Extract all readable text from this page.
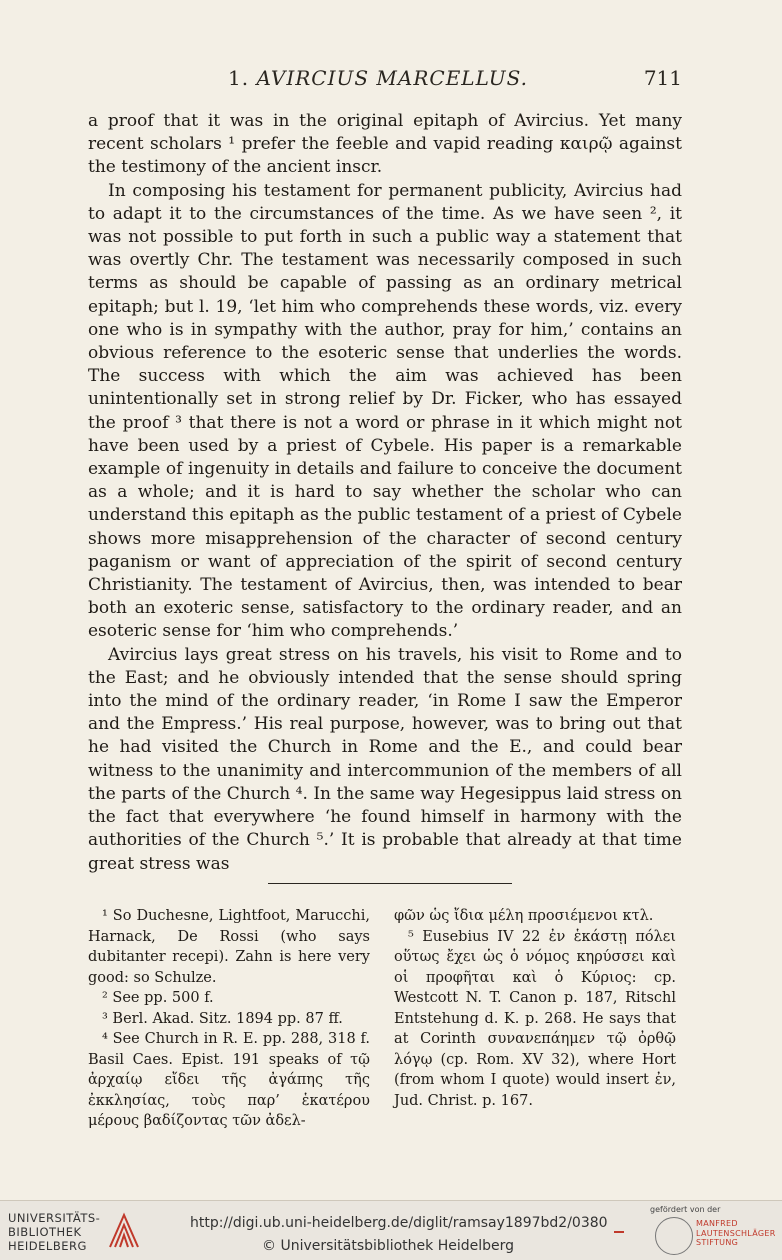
1. AVIRCIUS MARCELLUS.	711

a proof that it was in the original epitaph of Avircius. Yet many recent scholars ¹ prefer the feeble and vapid reading καιρῷ against the testimony of the ancient inscr.

In composing his testament for permanent publicity, Avircius had to adapt it to the circumstances of the time. As we have seen ², it was not possible to put forth in such a public way a statement that was overtly Chr. The testament was necessarily composed in such terms as should be capable of passing as an ordinary metrical epitaph; but l. 19, ‘let him who comprehends these words, viz. every one who is in sympathy with the author, pray for him,’ contains an obvious reference to the esoteric sense that underlies the words. The success with which the aim was achieved has been unintentionally set in strong relief by Dr. Ficker, who has essayed the proof ³ that there is not a word or phrase in it which might not have been used by a priest of Cybele. His paper is a remarkable example of ingenuity in details and failure to conceive the document as a whole; and it is hard to say whether the scholar who can understand this epitaph as the public testament of a priest of Cybele shows more misapprehension of the character of second century paganism or want of appreciation of the spirit of second century Christianity. The testament of Avircius, then, was intended to bear both an exoteric sense, satisfactory to the ordinary reader, and an esoteric sense for ‘him who comprehends.’

Avircius lays great stress on his travels, his visit to Rome and to the East; and he obviously intended that the sense should spring into the mind of the ordinary reader, ‘in Rome I saw the Emperor and the Empress.’ His real purpose, however, was to bring out that he had visited the Church in Rome and the E., and could bear witness to the unanimity and intercommunion of the members of all the parts of the Church ⁴. In the same way Hegesippus laid stress on the fact that everywhere ‘he found himself in harmony with the authorities of the Church ⁵.’ It is probable that already at that time great stress was

¹ So Duchesne, Lightfoot, Marucchi, Harnack, De Rossi (who says dubitanter recepi). Zahn is here very good: so Schulze.

² See pp. 500 f.

³ Berl. Akad. Sitz. 1894 pp. 87 ff.

⁴ See Church in R. E. pp. 288, 318 f. Basil Caes. Epist. 191 speaks of τῷ ἀρχαίῳ εἴδει τῆς ἀγάπης τῆς ἐκκλησίας, τοὺς παρ’ ἑκατέρου μέρους βαδίζοντας τῶν ἀδελ-

φῶν ὡς ἴδια μέλη προσιέμενοι κτλ.

⁵ Eusebius IV 22 ἐν ἑκάστῃ πόλει οὕτως ἔχει ὡς ὁ νόμος κηρύσσει καὶ οἱ προφῆται καὶ ὁ Κύριος: cp. Westcott N. T. Canon p. 187, Ritschl Entstehung d. K. p. 268. He says that at Corinth συνανεπάημεν τῷ ὀρθῷ λόγῳ (cp. Rom. XV 32), where Hort (from whom I quote) would insert ἐν, Jud. Christ. p. 167.

UNIVERSITÄTS-
BIBLIOTHEK
HEIDELBERG
http://digi.ub.uni-heidelberg.de/diglit/ramsay1897bd2/0380
© Universitätsbibliothek Heidelberg
gefördert von der
MANFRED
LAUTENSCHLÄGER
STIFTUNG
